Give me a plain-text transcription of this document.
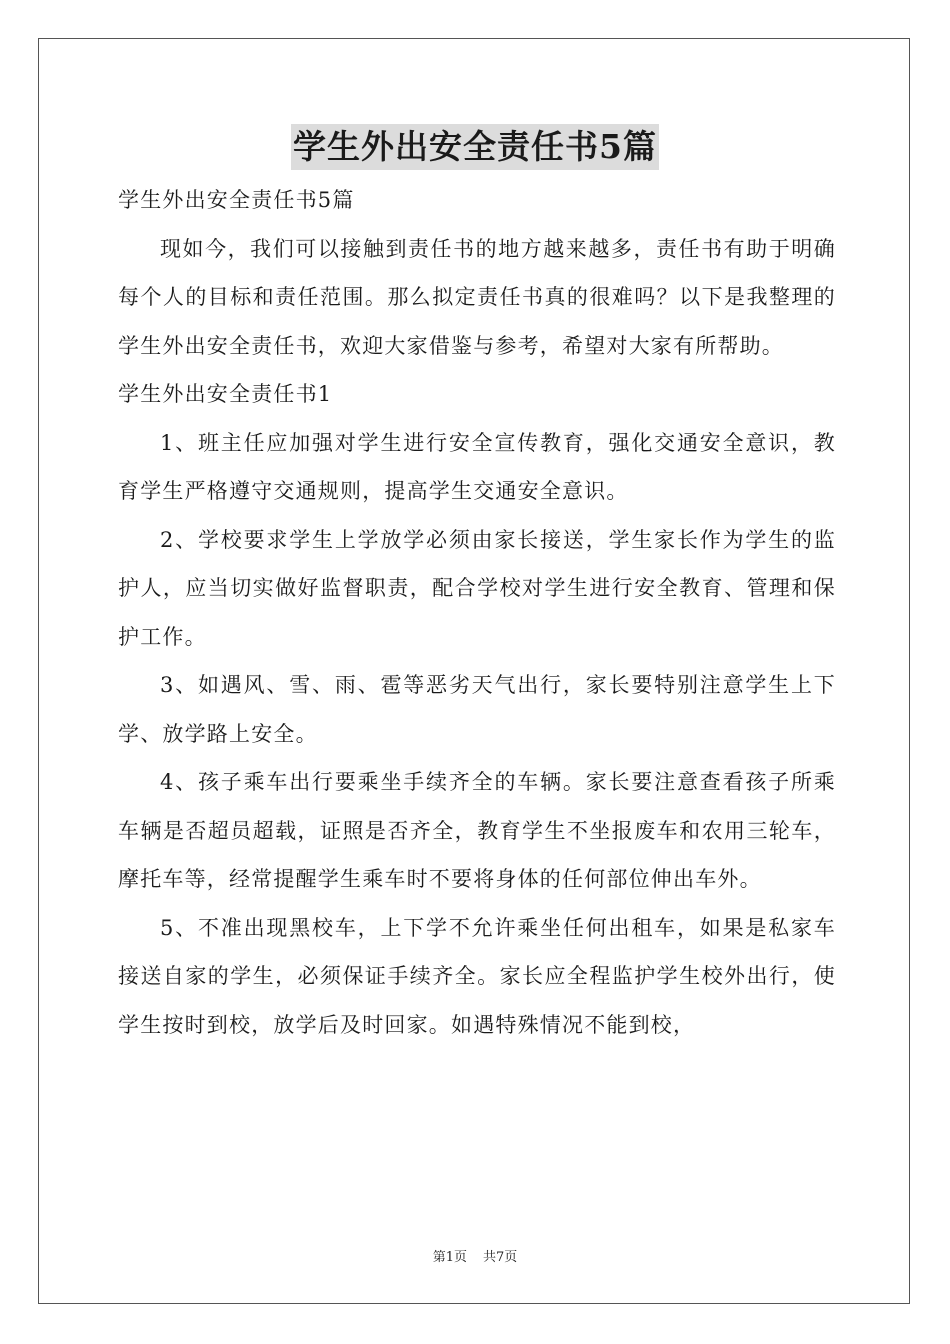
学生外出安全责任书5篇

学生外出安全责任书5篇

现如今，我们可以接触到责任书的地方越来越多，责任书有助于明确每个人的目标和责任范围。那么拟定责任书真的很难吗？以下是我整理的学生外出安全责任书，欢迎大家借鉴与参考，希望对大家有所帮助。

学生外出安全责任书1

1、班主任应加强对学生进行安全宣传教育，强化交通安全意识，教育学生严格遵守交通规则，提高学生交通安全意识。

2、学校要求学生上学放学必须由家长接送，学生家长作为学生的监护人，应当切实做好监督职责，配合学校对学生进行安全教育、管理和保护工作。

3、如遇风、雪、雨、雹等恶劣天气出行，家长要特别注意学生上下学、放学路上安全。

4、孩子乘车出行要乘坐手续齐全的车辆。家长要注意查看孩子所乘车辆是否超员超载，证照是否齐全，教育学生不坐报废车和农用三轮车，摩托车等，经常提醒学生乘车时不要将身体的任何部位伸出车外。

5、不准出现黑校车，上下学不允许乘坐任何出租车，如果是私家车接送自家的学生，必须保证手续齐全。家长应全程监护学生校外出行，使学生按时到校，放学后及时回家。如遇特殊情况不能到校，

第1页 共7页
